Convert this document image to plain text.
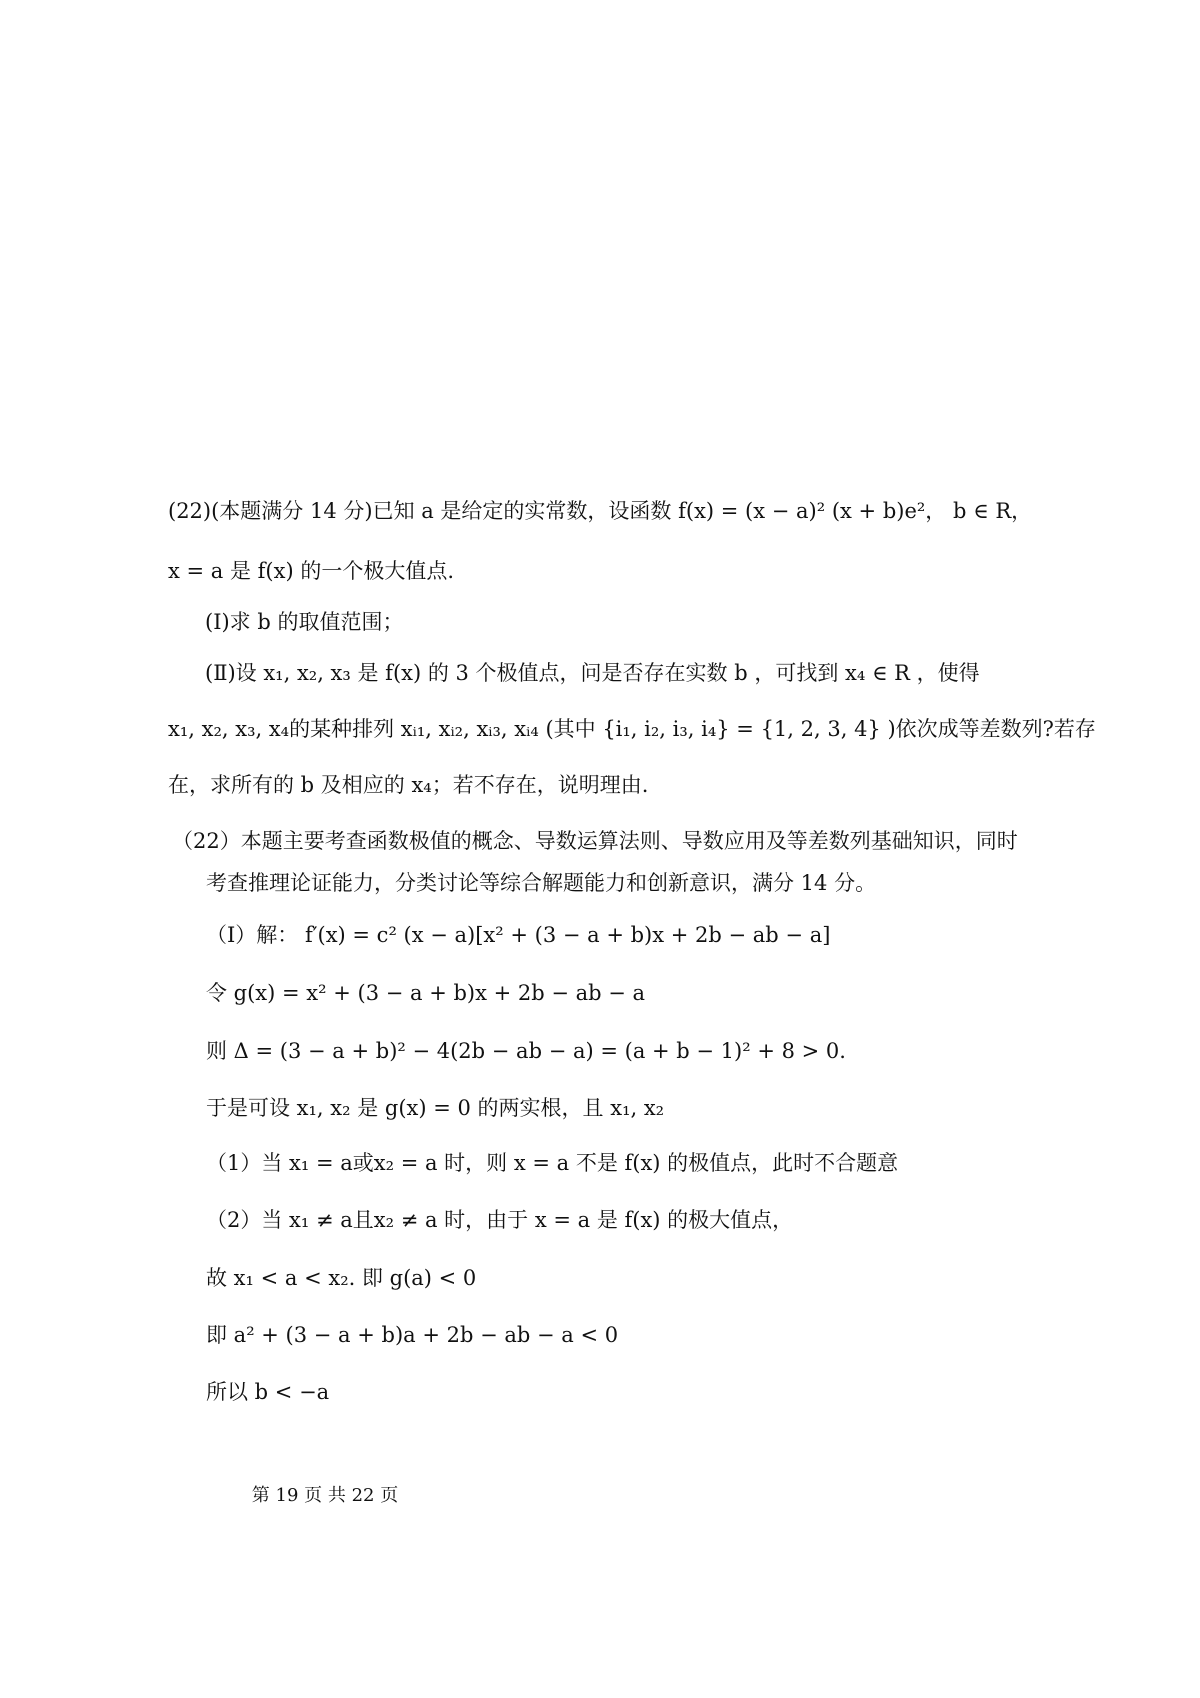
(22)(本题满分 14 分)已知 a 是给定的实常数，设函数 f(x) = (x − a)² (x + b)e²， b ∈ R，
x = a 是 f(x) 的一个极大值点.
(Ⅰ)求 b 的取值范围；
(Ⅱ)设 x₁, x₂, x₃ 是 f(x) 的 3 个极值点，问是否存在实数 b ，可找到 x₄ ∈ R ，使得
x₁, x₂, x₃, x₄的某种排列 xᵢ₁, xᵢ₂, xᵢ₃, xᵢ₄ (其中 {i₁, i₂, i₃, i₄} = {1, 2, 3, 4} )依次成等差数列?若存
在，求所有的 b 及相应的 x₄；若不存在，说明理由.
（22）本题主要考查函数极值的概念、导数运算法则、导数应用及等差数列基础知识，同时
考查推理论证能力，分类讨论等综合解题能力和创新意识，满分 14 分。
（Ⅰ）解： f′(x) = c² (x − a)[x² + (3 − a + b)x + 2b − ab − a]
令 g(x) = x² + (3 − a + b)x + 2b − ab − a
则 Δ = (3 − a + b)² − 4(2b − ab − a) = (a + b − 1)² + 8 > 0.
于是可设 x₁, x₂ 是 g(x) = 0 的两实根，且 x₁, x₂
（1）当 x₁ = a或x₂ = a 时，则 x = a 不是 f(x) 的极值点，此时不合题意
（2）当 x₁ ≠ a且x₂ ≠ a 时，由于 x = a 是 f(x) 的极大值点，
故 x₁ < a < x₂. 即 g(a) < 0
即 a² + (3 − a + b)a + 2b − ab − a < 0
所以 b < −a
第 19 页 共 22 页
